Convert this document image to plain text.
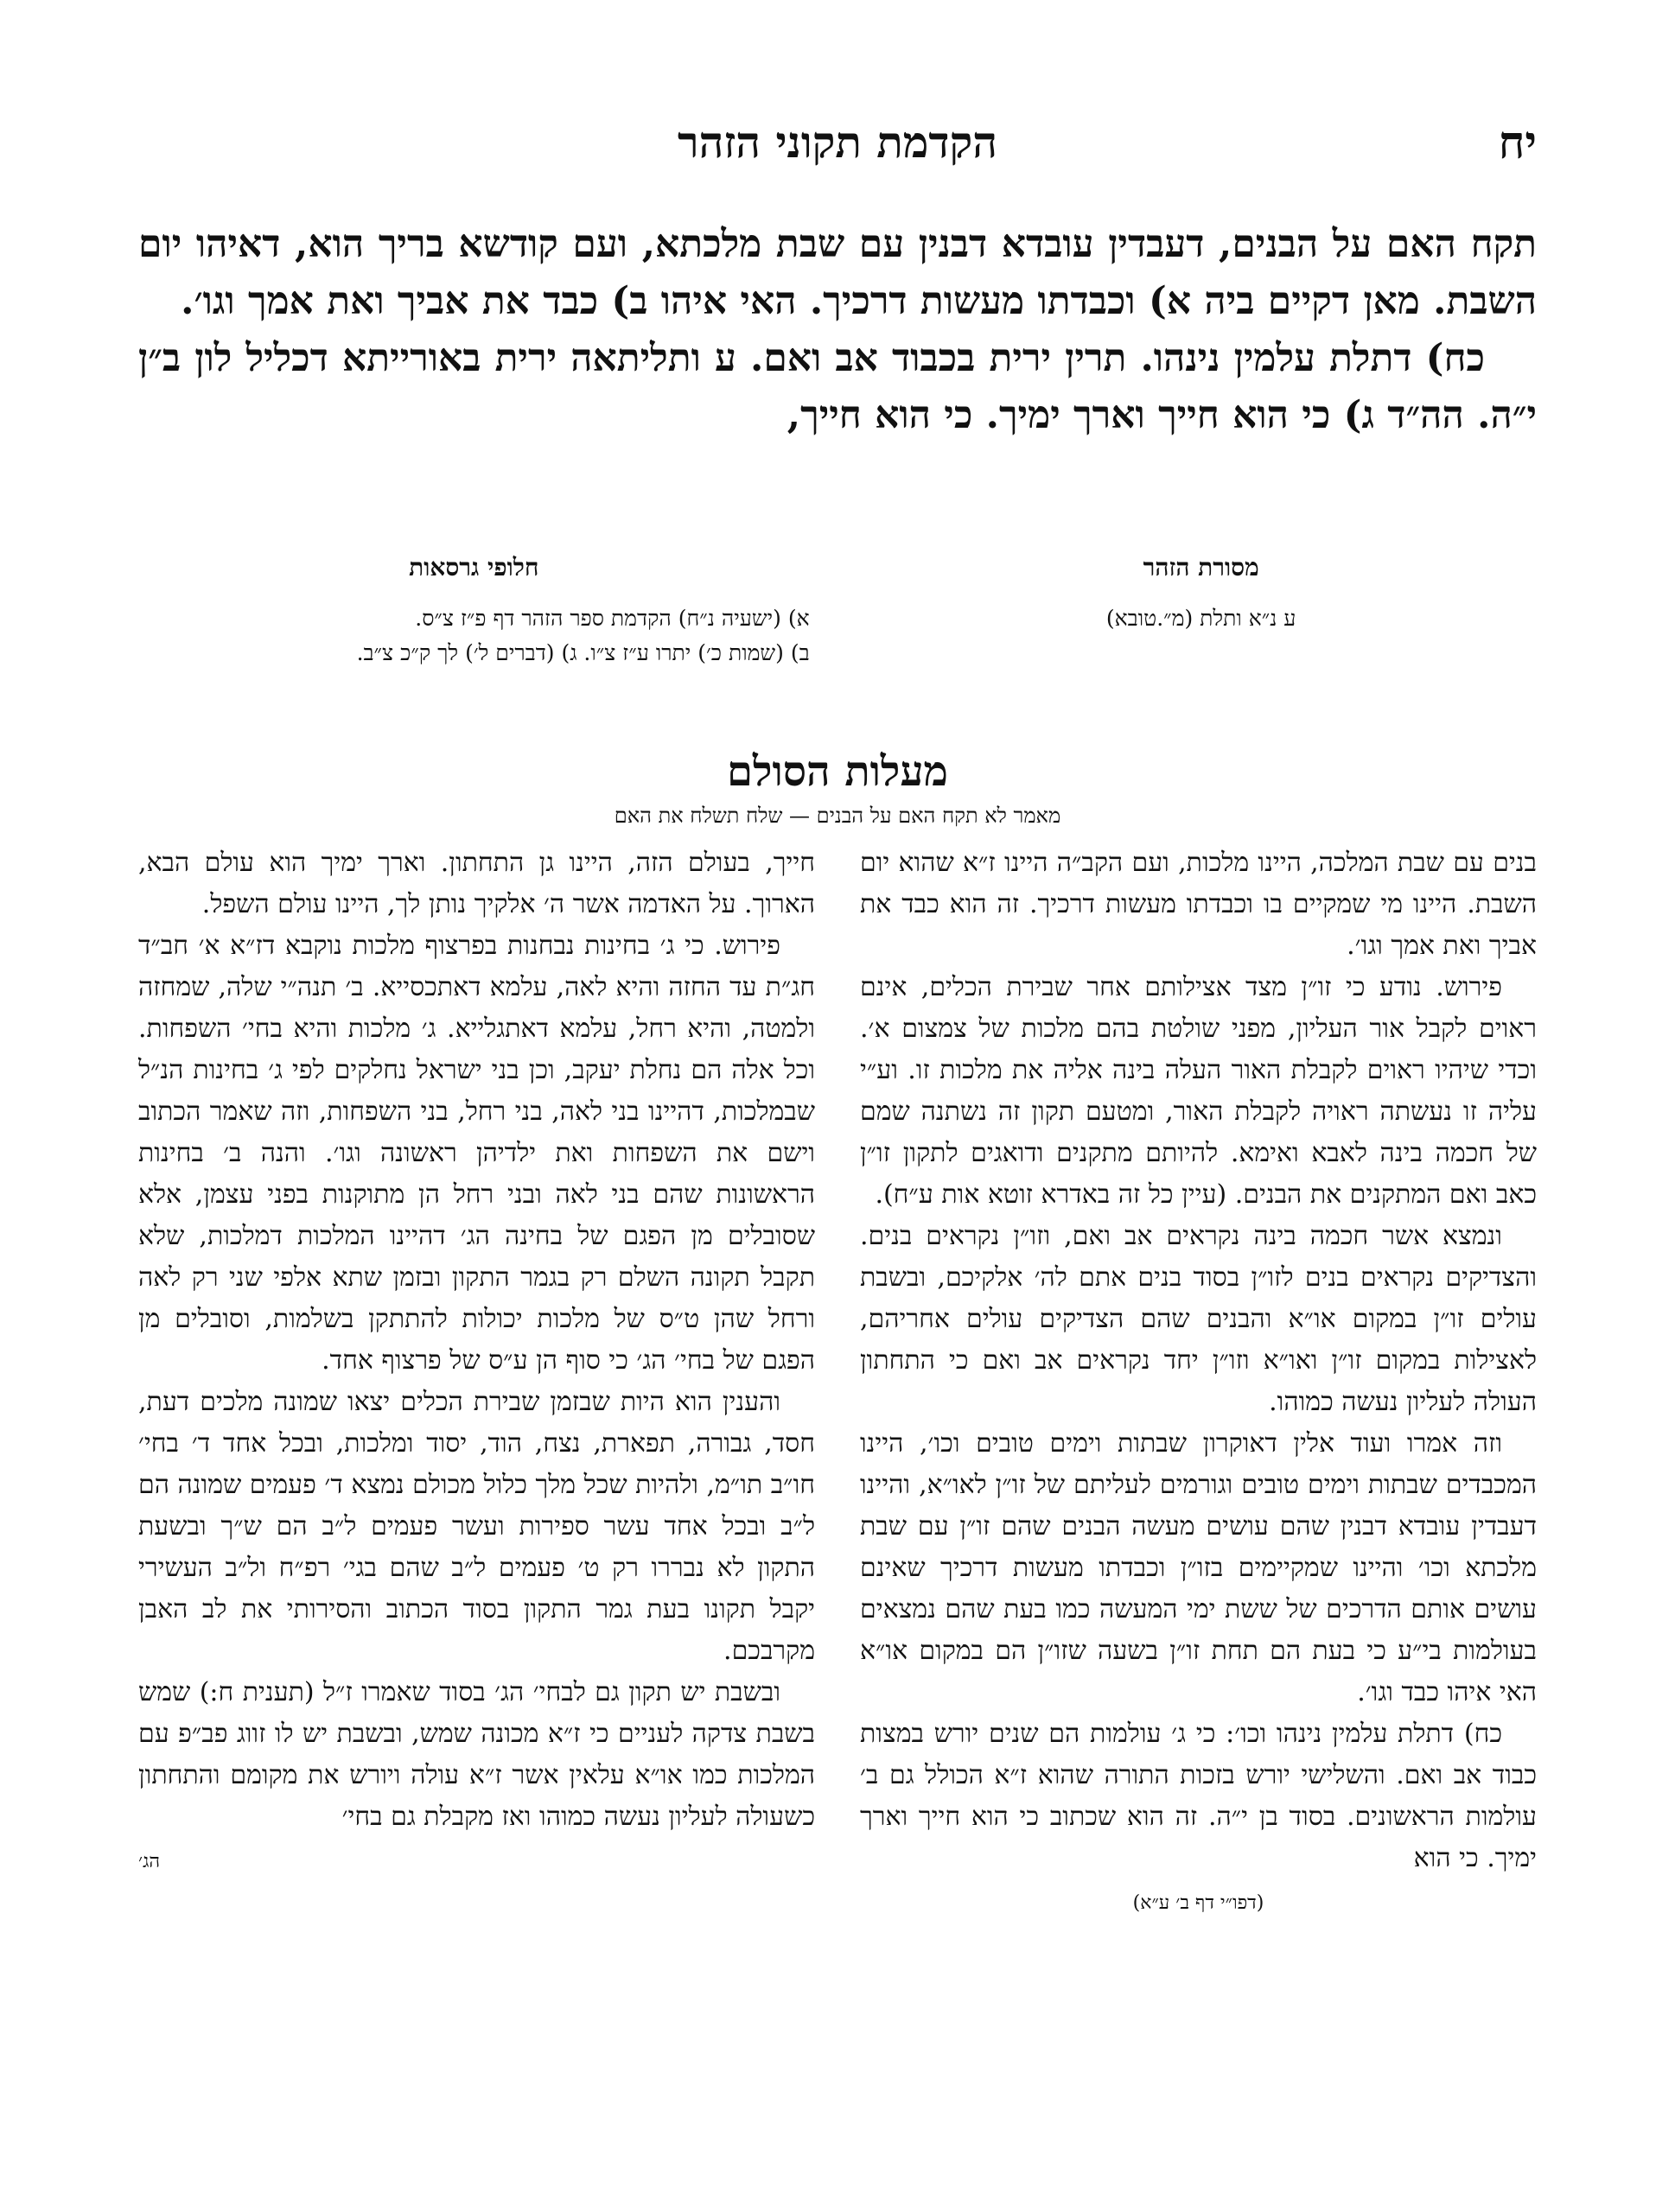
יח
הקדמת תקוני הזהר

תקח האם על הבנים, דעבדין עובדא דבנין עם שבת מלכתא, ועם קודשא בריך הוא, דאיהו יום השבת. מאן דקיים ביה א) וכבדתו מעשות דרכיך. האי איהו ב) כבד את אביך ואת אמך וגו׳.

כח) דתלת עלמין נינהו. תרין ירית בכבוד אב ואם. ע ותליתאה ירית באורייתא דכליל לון ב״ן י״ה. הה״ד ג) כי הוא חייך וארך ימיך. כי הוא חייך,

מסורת הזהר
ע נ״א ותלת (מ״.טובא)
חלופי גרסאות
א) (ישעיה נ״ח) הקדמת ספר הזהר דף פ״ז צ״ס.
ב) (שמות כ׳) יתרו ע״ז צ״ו. ג) (דברים ל׳) לך ק״כ צ״ב.
מעלות הסולם
מאמר לא תקח האם על הבנים — שלח תשלח את האם

בנים עם שבת המלכה, היינו מלכות, ועם הקב״ה היינו ז״א שהוא יום השבת. היינו מי שמקיים בו וכבדתו מעשות דרכיך. זה הוא כבד את אביך ואת אמך וגו׳.

פירוש. נודע כי זו״ן מצד אצילותם אחר שבירת הכלים, אינם ראוים לקבל אור העליון, מפני שולטת בהם מלכות של צמצום א׳. וכדי שיהיו ראוים לקבלת האור העלה בינה אליה את מלכות זו. וע״י עליה זו נעשתה ראויה לקבלת האור, ומטעם תקון זה נשתנה שמם של חכמה בינה לאבא ואימא. להיותם מתקנים ודואגים לתקון זו״ן כאב ואם המתקנים את הבנים. (עיין כל זה באדרא זוטא אות ע״ח).

ונמצא אשר חכמה בינה נקראים אב ואם, וזו״ן נקראים בנים. והצדיקים נקראים בנים לזו״ן בסוד בנים אתם לה׳ אלקיכם, ובשבת עולים זו״ן במקום או״א והבנים שהם הצדיקים עולים אחריהם, לאצילות במקום זו״ן ואו״א וזו״ן יחד נקראים אב ואם כי התחתון העולה לעליון נעשה כמוהו.

וזה אמרו ועוד אלין דאוקרון שבתות וימים טובים וכו׳, היינו המכבדים שבתות וימים טובים וגורמים לעליתם של זו״ן לאו״א, והיינו דעבדין עובדא דבנין שהם עושים מעשה הבנים שהם זו״ן עם שבת מלכתא וכו׳ והיינו שמקיימים בזו״ן וכבדתו מעשות דרכיך שאינם עושים אותם הדרכים של ששת ימי המעשה כמו בעת שהם נמצאים בעולמות בי״ע כי בעת הם תחת זו״ן בשעה שזו״ן הם במקום או״א האי איהו כבד וגו׳.

כח) דתלת עלמין נינהו וכו׳: כי ג׳ עולמות הם שנים יורש במצות כבוד אב ואם. והשלישי יורש בזכות התורה שהוא ז״א הכולל גם ב׳ עולמות הראשונים. בסוד בן י״ה. זה הוא שכתוב כי הוא חייך וארך ימיך. כי הוא

(דפו״י דף ב׳ ע״א)

חייך, בעולם הזה, היינו גן התחתון. וארך ימיך הוא עולם הבא, הארוך. על האדמה אשר ה׳ אלקיך נותן לך, היינו עולם השפל.

פירוש. כי ג׳ בחינות נבחנות בפרצוף מלכות נוקבא דז״א א׳ חב״ד חג״ת עד החזה והיא לאה, עלמא דאתכסייא. ב׳ תנה״י שלה, שמחזה ולמטה, והיא רחל, עלמא דאתגלייא. ג׳ מלכות והיא בחי׳ השפחות. וכל אלה הם נחלת יעקב, וכן בני ישראל נחלקים לפי ג׳ בחינות הנ״ל שבמלכות, דהיינו בני לאה, בני רחל, בני השפחות, וזה שאמר הכתוב וישם את השפחות ואת ילדיהן ראשונה וגו׳. והנה ב׳ בחינות הראשונות שהם בני לאה ובני רחל הן מתוקנות בפני עצמן, אלא שסובלים מן הפגם של בחינה הג׳ דהיינו המלכות דמלכות, שלא תקבל תקונה השלם רק בגמר התקון ובזמן שתא אלפי שני רק לאה ורחל שהן ט״ס של מלכות יכולות להתתקן בשלמות, וסובלים מן הפגם של בחי׳ הג׳ כי סוף הן ע״ס של פרצוף אחד.

והענין הוא היות שבזמן שבירת הכלים יצאו שמונה מלכים דעת, חסד, גבורה, תפארת, נצח, הוד, יסוד ומלכות, ובכל אחד ד׳ בחי׳ חו״ב תו״מ, ולהיות שכל מלך כלול מכולם נמצא ד׳ פעמים שמונה הם ל״ב ובכל אחד עשר ספירות ועשר פעמים ל״ב הם ש״ך ובשעת התקון לא נבררו רק ט׳ פעמים ל״ב שהם בגי׳ רפ״ח ול״ב העשירי יקבל תקונו בעת גמר התקון בסוד הכתוב והסירותי את לב האבן מקרבכם.

ובשבת יש תקון גם לבחי׳ הג׳ בסוד שאמרו ז״ל (תענית ח:) שמש בשבת צדקה לעניים כי ז״א מכונה שמש, ובשבת יש לו זווג פב״פ עם המלכות כמו או״א עלאין אשר ז״א עולה ויורש את מקומם והתחתון כשעולה לעליון נעשה כמוהו ואז מקבלת גם בחי׳

הג׳
